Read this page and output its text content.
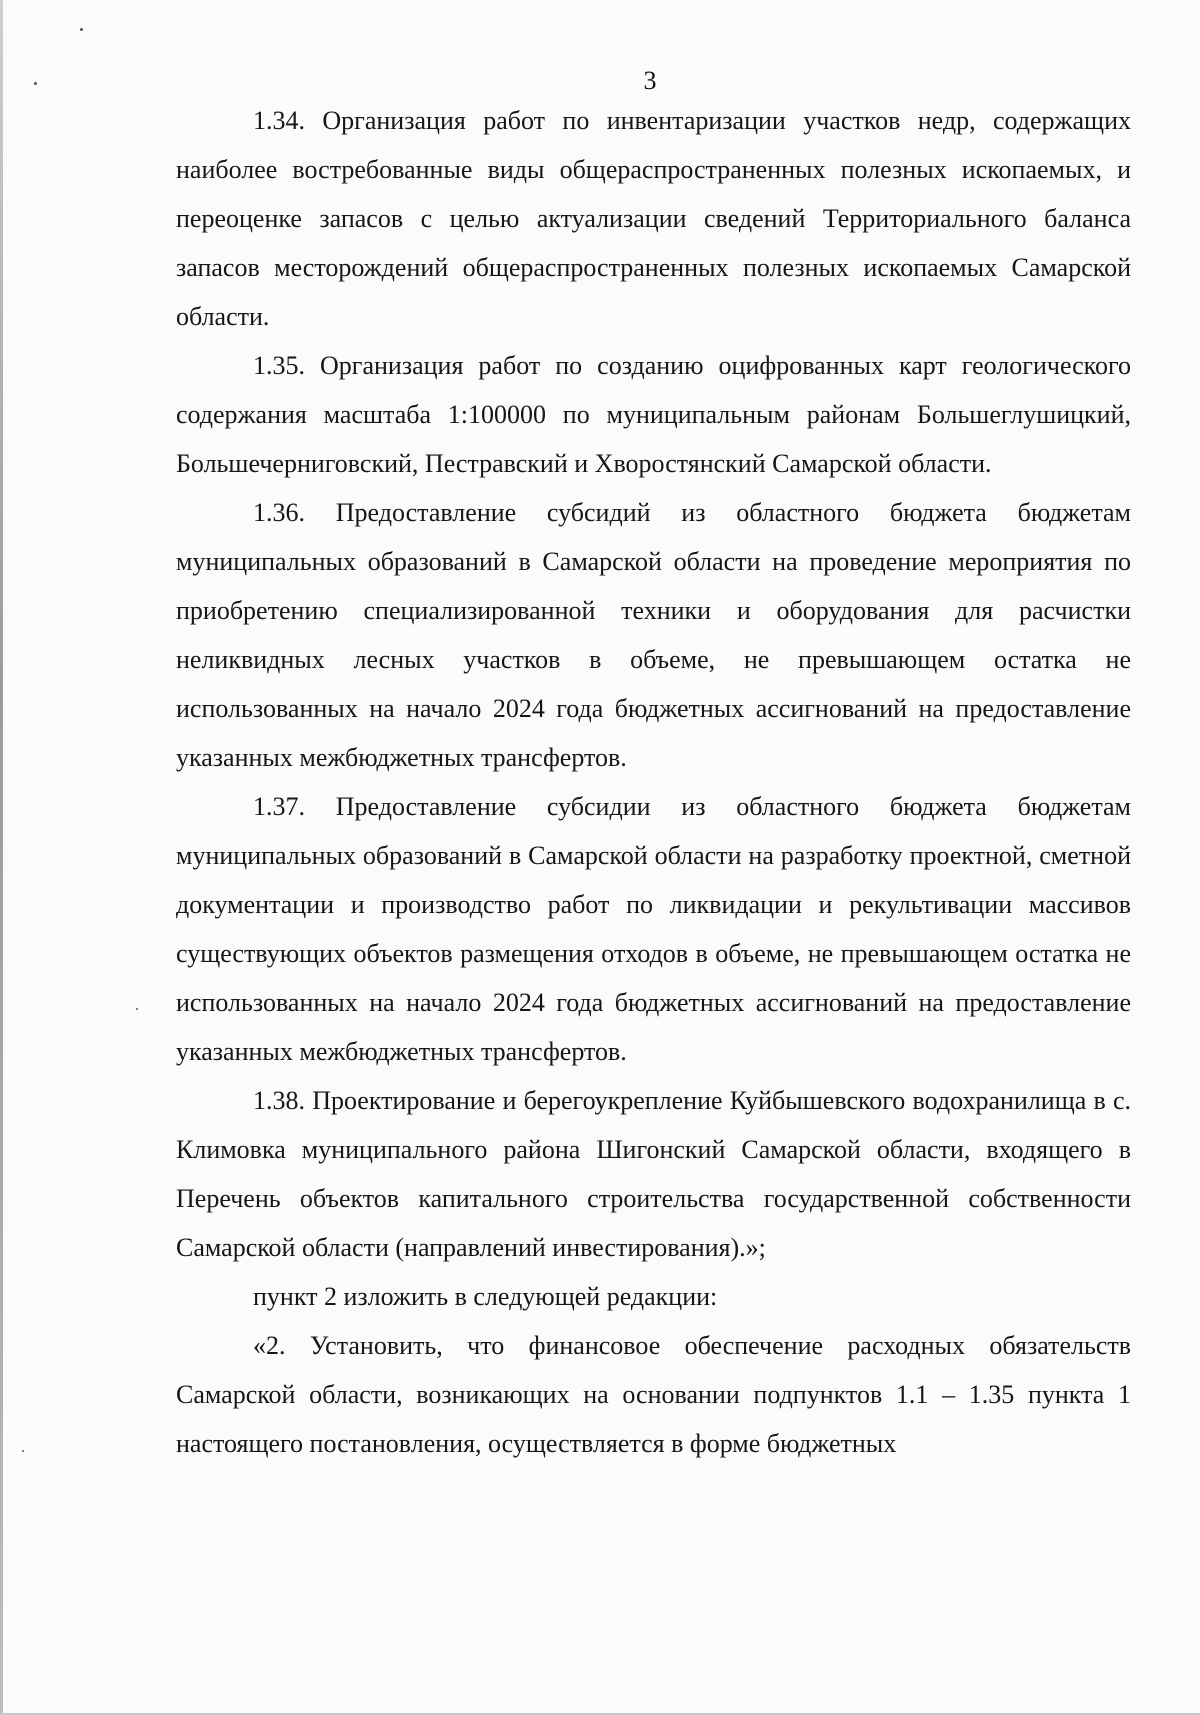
3

1.34. Организация работ по инвентаризации участков недр, содержащих наиболее востребованные виды общераспространенных полезных ископаемых, и переоценке запасов с целью актуализации сведений Территориального баланса запасов месторождений общераспространенных полезных ископаемых Самарской области.

1.35. Организация работ по созданию оцифрованных карт геологического содержания масштаба 1:100000 по муниципальным районам Большеглушицкий, Большечерниговский, Пестравский и Хворостянский Самарской области.

1.36. Предоставление субсидий из областного бюджета бюджетам муниципальных образований в Самарской области на проведение мероприятия по приобретению специализированной техники и оборудования для расчистки неликвидных лесных участков в объеме, не превышающем остатка не использованных на начало 2024 года бюджетных ассигнований на предоставление указанных межбюджетных трансфертов.

1.37. Предоставление субсидии из областного бюджета бюджетам муниципальных образований в Самарской области на разработку проектной, сметной документации и производство работ по ликвидации и рекультивации массивов существующих объектов размещения отходов в объеме, не превышающем остатка не использованных на начало 2024 года бюджетных ассигнований на предоставление указанных межбюджетных трансфертов.

1.38. Проектирование и берегоукрепление Куйбышевского водохранилища в с. Климовка муниципального района Шигонский Самарской области, входящего в Перечень объектов капитального строительства государственной собственности Самарской области (направлений инвестирования).»;

пункт 2 изложить в следующей редакции:

«2. Установить, что финансовое обеспечение расходных обязательств Самарской области, возникающих на основании подпунктов 1.1 – 1.35 пункта 1 настоящего постановления, осуществляется в форме бюджетных
